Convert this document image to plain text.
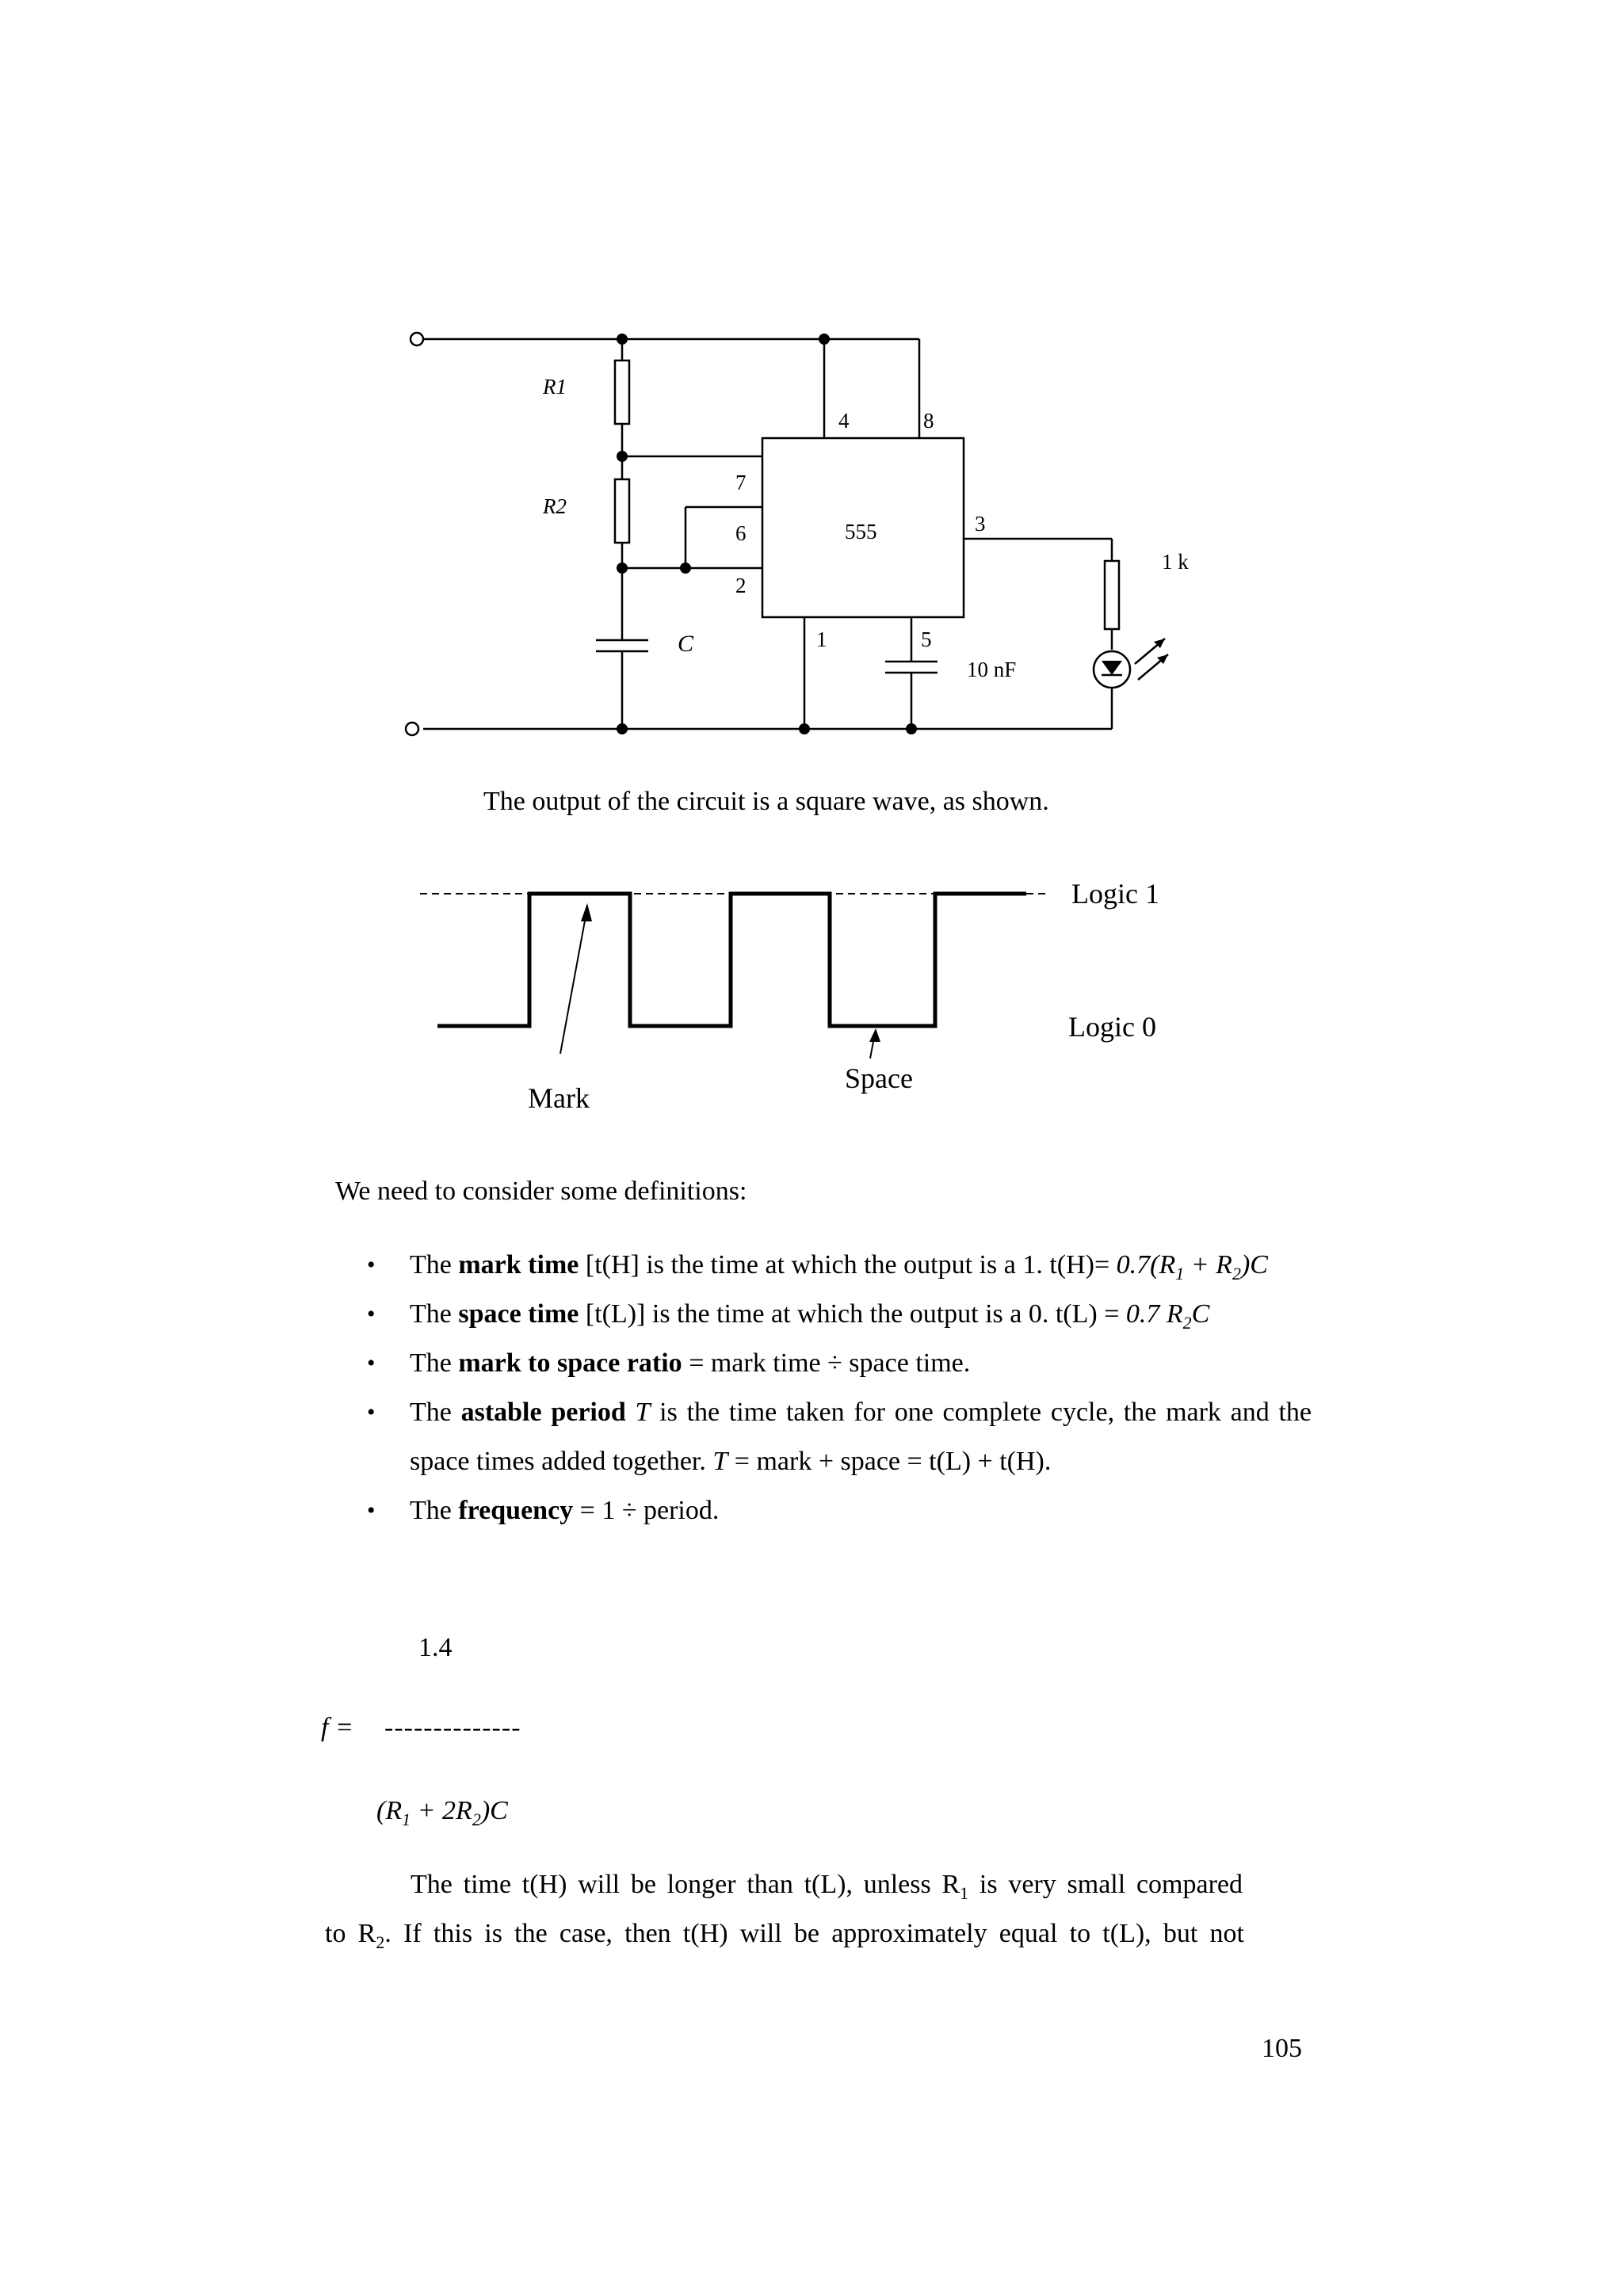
R1
R2
C
555
4	8
7
6
2
3
1	5
10 nF
1 k
The output of the circuit is a square wave, as shown.
Logic 1
Logic 0
Mark
Space
We need to consider some definitions:
• The mark time [t(H] is the time at which the output is a 1. $t(H)= 0.7(R_1 + R_2)C$
• The space time [t(L)] is the time at which the output is a 0. t(L) = 0.7 $R_2C$
• The mark to space ratio = mark time ÷ space time.
• The astable period T is the time taken for one complete cycle, the mark and the space times added together. T = mark + space = t(L) + t(H).
• The frequency = 1 ÷ period.
1.4
f = --------------
$(R_1 + 2R_2)C$
The time t(H) will be longer than t(L), unless $R_1$ is very small compared
to $R_2$. If this is the case, then t(H) will be approximately equal to t(L), but not
105
